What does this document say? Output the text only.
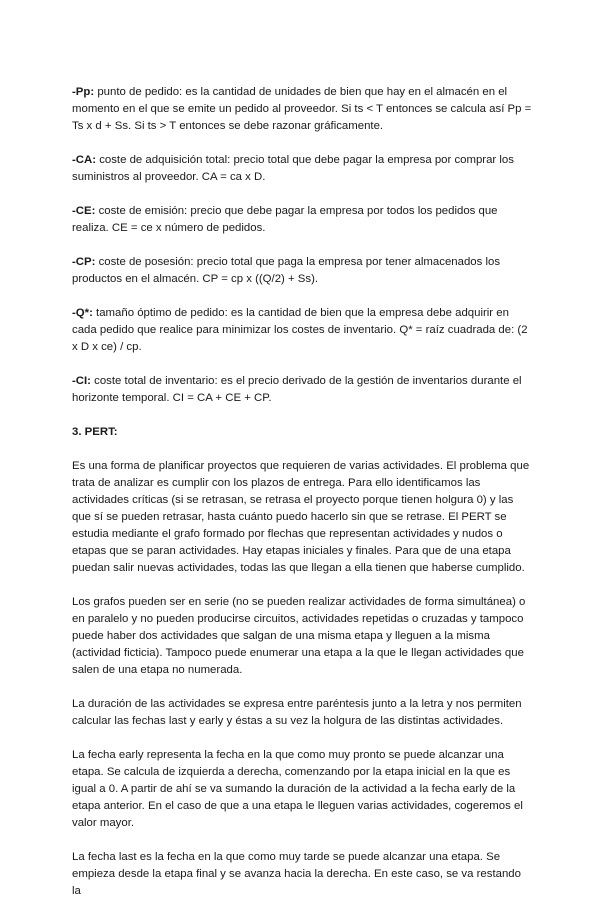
-Pp: punto de pedido: es la cantidad de unidades de bien que hay en el almacén en el momento en el que se emite un pedido al proveedor. Si ts < T entonces se calcula así Pp = Ts x d + Ss. Si ts > T entonces se debe razonar gráficamente.

-CA: coste de adquisición total: precio total que debe pagar la empresa por comprar los suministros al proveedor. CA = ca x D.

-CE: coste de emisión: precio que debe pagar la empresa por todos los pedidos que realiza. CE = ce x número de pedidos.

-CP: coste de posesión: precio total que paga la empresa por tener almacenados los productos en el almacén. CP = cp x ((Q/2) + Ss).

-Q*: tamaño óptimo de pedido: es la cantidad de bien que la empresa debe adquirir en cada pedido que realice para minimizar los costes de inventario. Q* = raíz cuadrada de: (2 x D x ce) / cp.

-CI: coste total de inventario: es el precio derivado de la gestión de inventarios durante el horizonte temporal. CI = CA + CE + CP.

3. PERT:

Es una forma de planificar proyectos que requieren de varias actividades. El problema que trata de analizar es cumplir con los plazos de entrega. Para ello identificamos las actividades críticas (si se retrasan, se retrasa el proyecto porque tienen holgura 0) y las que sí se pueden retrasar, hasta cuánto puedo hacerlo sin que se retrase. El PERT se estudia mediante el grafo formado por flechas que representan actividades y nudos o etapas que se paran actividades. Hay etapas iniciales y finales. Para que de una etapa puedan salir nuevas actividades, todas las que llegan a ella tienen que haberse cumplido.

Los grafos pueden ser en serie (no se pueden realizar actividades de forma simultánea) o en paralelo y no pueden producirse circuitos, actividades repetidas o cruzadas y tampoco puede haber dos actividades que salgan de una misma etapa y lleguen a la misma (actividad ficticia). Tampoco puede enumerar una etapa a la que le llegan actividades que salen de una etapa no numerada.

La duración de las actividades se expresa entre paréntesis junto a la letra y nos permiten calcular las fechas last y early y éstas a su vez la holgura de las distintas actividades.

La fecha early representa la fecha en la que como muy pronto se puede alcanzar una etapa. Se calcula de izquierda a derecha, comenzando por la etapa inicial en la que es igual a 0. A partir de ahí se va sumando la duración de la actividad a la fecha early de la etapa anterior. En el caso de que a una etapa le lleguen varias actividades, cogeremos el valor mayor.

La fecha last es la fecha en la que como muy tarde se puede alcanzar una etapa. Se empieza desde la etapa final y se avanza hacia la derecha. En este caso, se va restando la
